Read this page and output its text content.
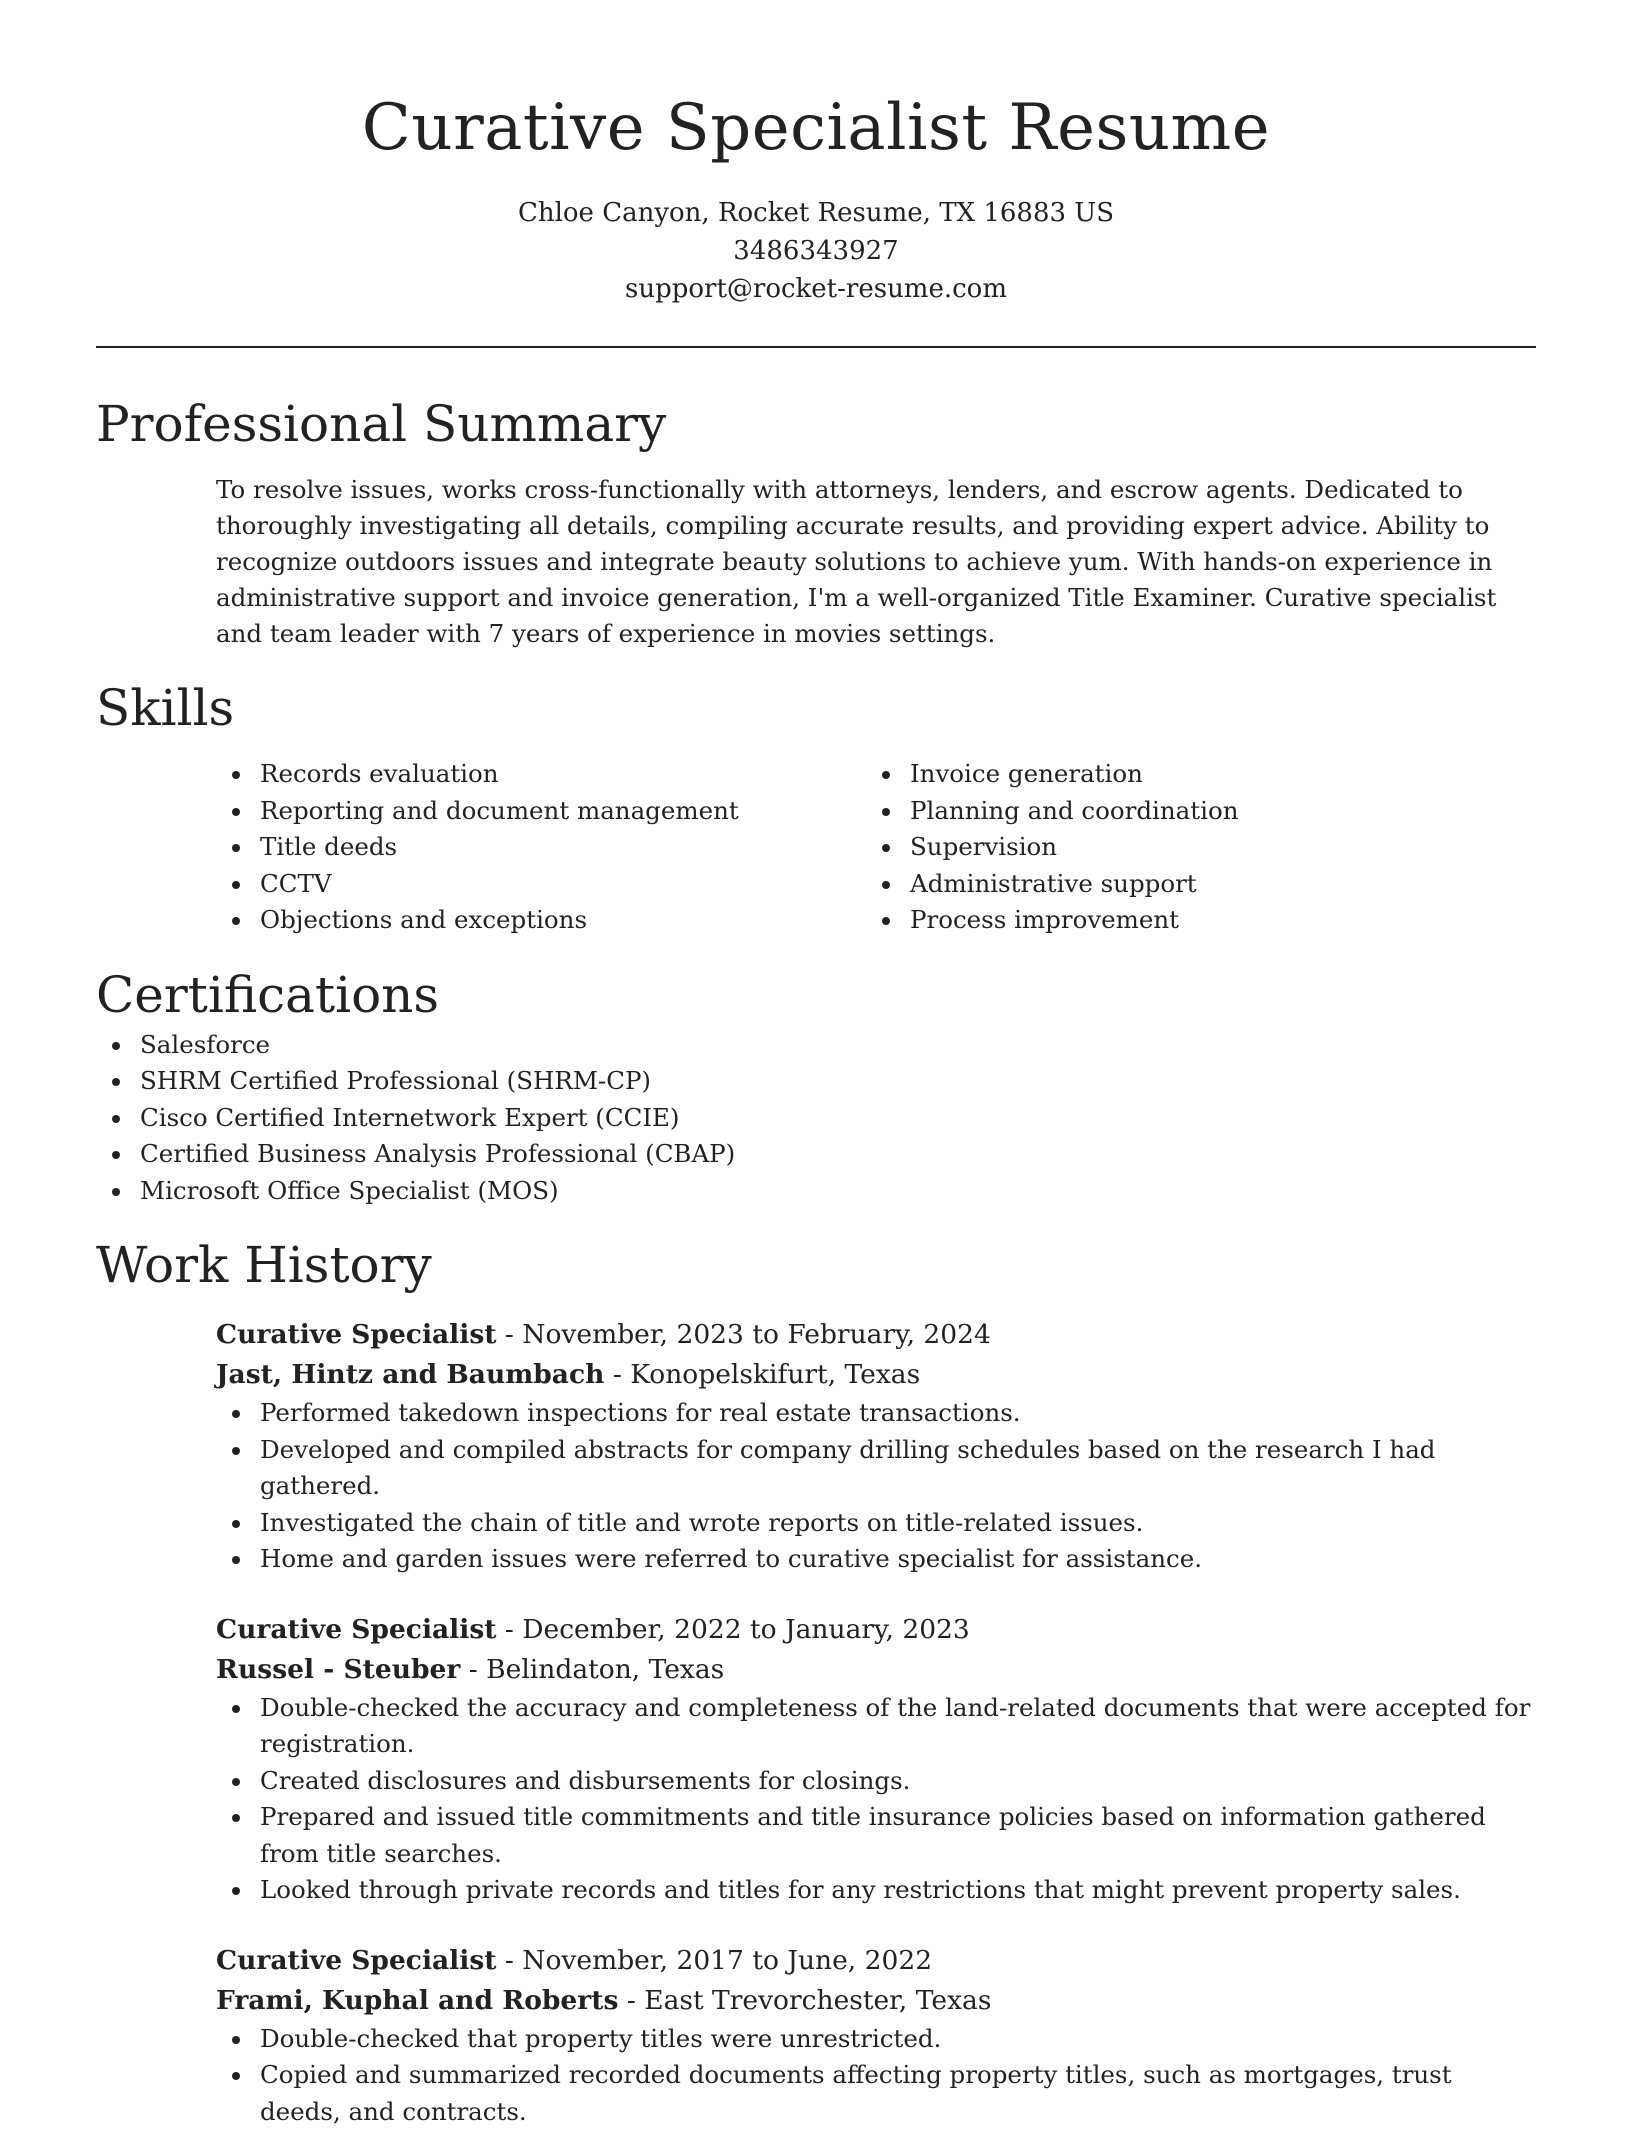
Curative Specialist Resume
Chloe Canyon, Rocket Resume, TX 16883 US
3486343927
support@rocket-resume.com
Professional Summary

To resolve issues, works cross-functionally with attorneys, lenders, and escrow agents. Dedicated to thoroughly investigating all details, compiling accurate results, and providing expert advice. Ability to recognize outdoors issues and integrate beauty solutions to achieve yum. With hands-on experience in administrative support and invoice generation, I'm a well-organized Title Examiner. Curative specialist and team leader with 7 years of experience in movies settings.

Skills
Records evaluation
Reporting and document management
Title deeds
CCTV
Objections and exceptions
Invoice generation
Planning and coordination
Supervision
Administrative support
Process improvement
Certifications
Salesforce
SHRM Certified Professional (SHRM-CP)
Cisco Certified Internetwork Expert (CCIE)
Certified Business Analysis Professional (CBAP)
Microsoft Office Specialist (MOS)
Work History
Curative Specialist - November, 2023 to February, 2024
Jast, Hintz and Baumbach - Konopelskifurt, Texas
Performed takedown inspections for real estate transactions.
Developed and compiled abstracts for company drilling schedules based on the research I had gathered.
Investigated the chain of title and wrote reports on title-related issues.
Home and garden issues were referred to curative specialist for assistance.
Curative Specialist - December, 2022 to January, 2023
Russel - Steuber - Belindaton, Texas
Double-checked the accuracy and completeness of the land-related documents that were accepted for registration.
Created disclosures and disbursements for closings.
Prepared and issued title commitments and title insurance policies based on information gathered from title searches.
Looked through private records and titles for any restrictions that might prevent property sales.
Curative Specialist - November, 2017 to June, 2022
Frami, Kuphal and Roberts - East Trevorchester, Texas
Double-checked that property titles were unrestricted.
Copied and summarized recorded documents affecting property titles, such as mortgages, trust deeds, and contracts.
